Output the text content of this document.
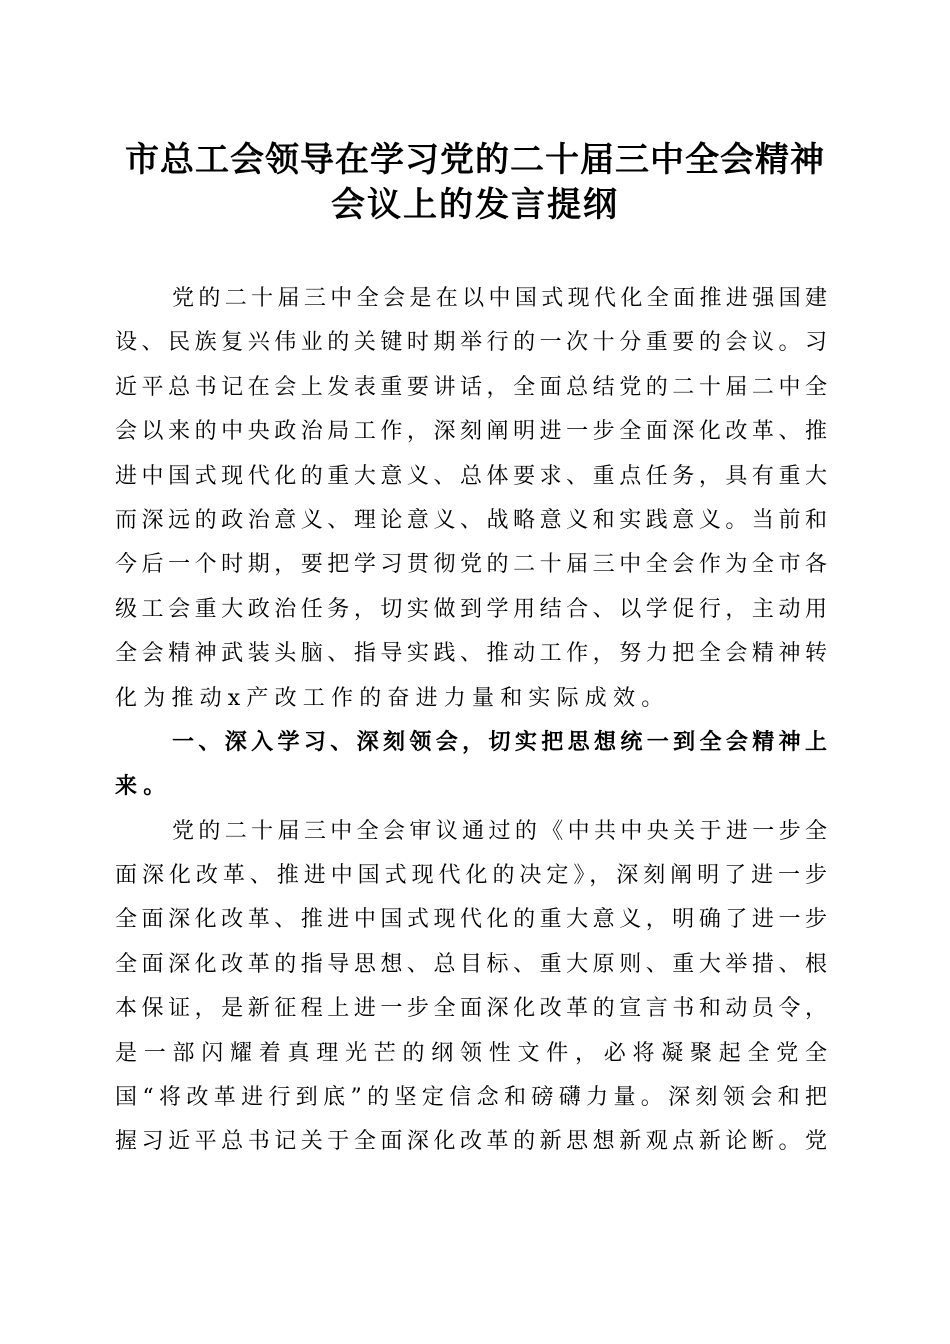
市总工会领导在学习党的二十届三中全会精神
会议上的发言提纲
党的二十届三中全会是在以中国式现代化全面推进强国建
设、民族复兴伟业的关键时期举行的一次十分重要的会议。习
近平总书记在会上发表重要讲话，全面总结党的二十届二中全
会以来的中央政治局工作，深刻阐明进一步全面深化改革、推
进中国式现代化的重大意义、总体要求、重点任务，具有重大
而深远的政治意义、理论意义、战略意义和实践意义。当前和
今后一个时期，要把学习贯彻党的二十届三中全会作为全市各
级工会重大政治任务，切实做到学用结合、以学促行，主动用
全会精神武装头脑、指导实践、推动工作，努力把全会精神转
化为推动x产改工作的奋进力量和实际成效。
一、深入学习、深刻领会，切实把思想统一到全会精神上
来。
党的二十届三中全会审议通过的《中共中央关于进一步全
面深化改革、推进中国式现代化的决定》，深刻阐明了进一步
全面深化改革、推进中国式现代化的重大意义，明确了进一步
全面深化改革的指导思想、总目标、重大原则、重大举措、根
本保证，是新征程上进一步全面深化改革的宣言书和动员令，
是一部闪耀着真理光芒的纲领性文件，必将凝聚起全党全
国“将改革进行到底”的坚定信念和磅礴力量。深刻领会和把
握习近平总书记关于全面深化改革的新思想新观点新论断。党
